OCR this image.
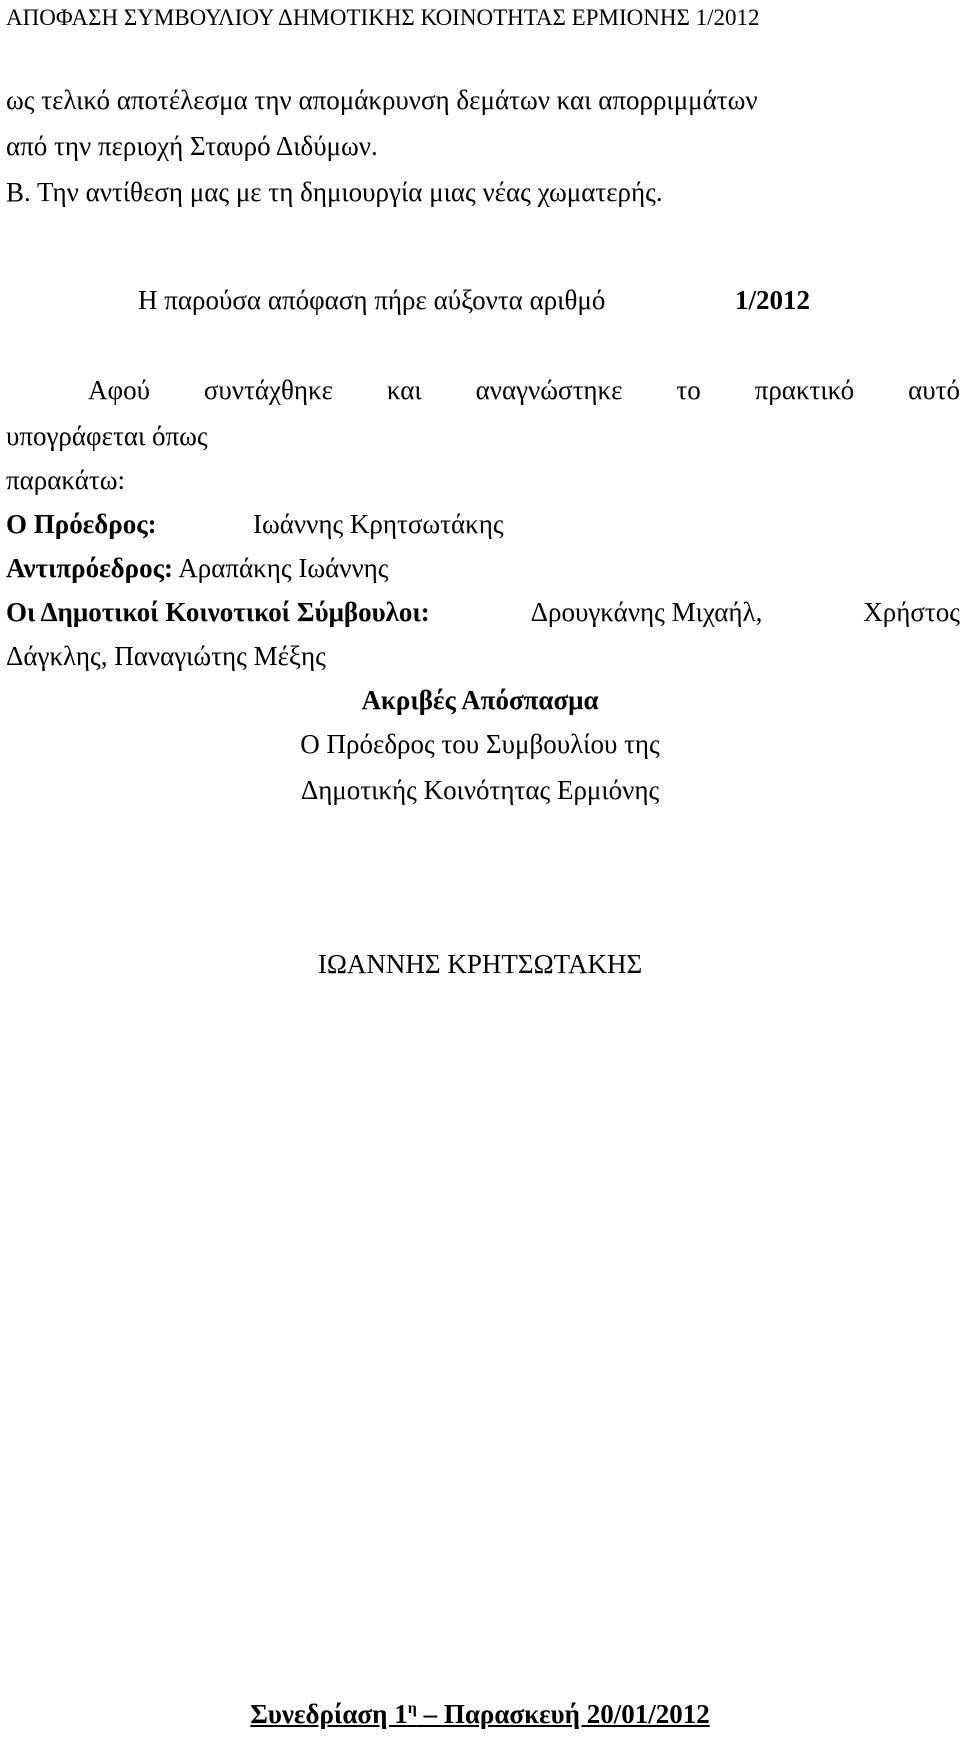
ΑΠΟΦΑΣΗ ΣΥΜΒΟΥΛΙΟΥ ΔΗΜΟΤΙΚΗΣ ΚΟΙΝΟΤΗΤΑΣ ΕΡΜΙΟΝΗΣ 1/2012
ως τελικό αποτέλεσμα την απομάκρυνση δεμάτων και απορριμμάτων
από την περιοχή Σταυρό Διδύμων.
Β. Την αντίθεση μας με τη δημιουργία μιας νέας χωματερής.
Η παρούσα απόφαση πήρε αύξοντα αριθμό	1/2012
Αφού συντάχθηκε και αναγνώστηκε το πρακτικό αυτό
υπογράφεται όπως
παρακάτω:
Ο Πρόεδρος:	Ιωάννης Κρητσωτάκης
Αντιπρόεδρος: Αραπάκης Ιωάννης
Οι Δημοτικοί Κοινοτικοί Σύμβουλοι:	Δρουγκάνης Μιχαήλ,	Χρήστος
Δάγκλης, Παναγιώτης Μέξης
Ακριβές Απόσπασμα
Ο Πρόεδρος του Συμβουλίου της
Δημοτικής Κοινότητας Ερμιόνης
ΙΩΑΝΝΗΣ ΚΡΗΤΣΩΤΑΚΗΣ
Συνεδρίαση $1^\eta$ – Παρασκευή 20/01/2012
